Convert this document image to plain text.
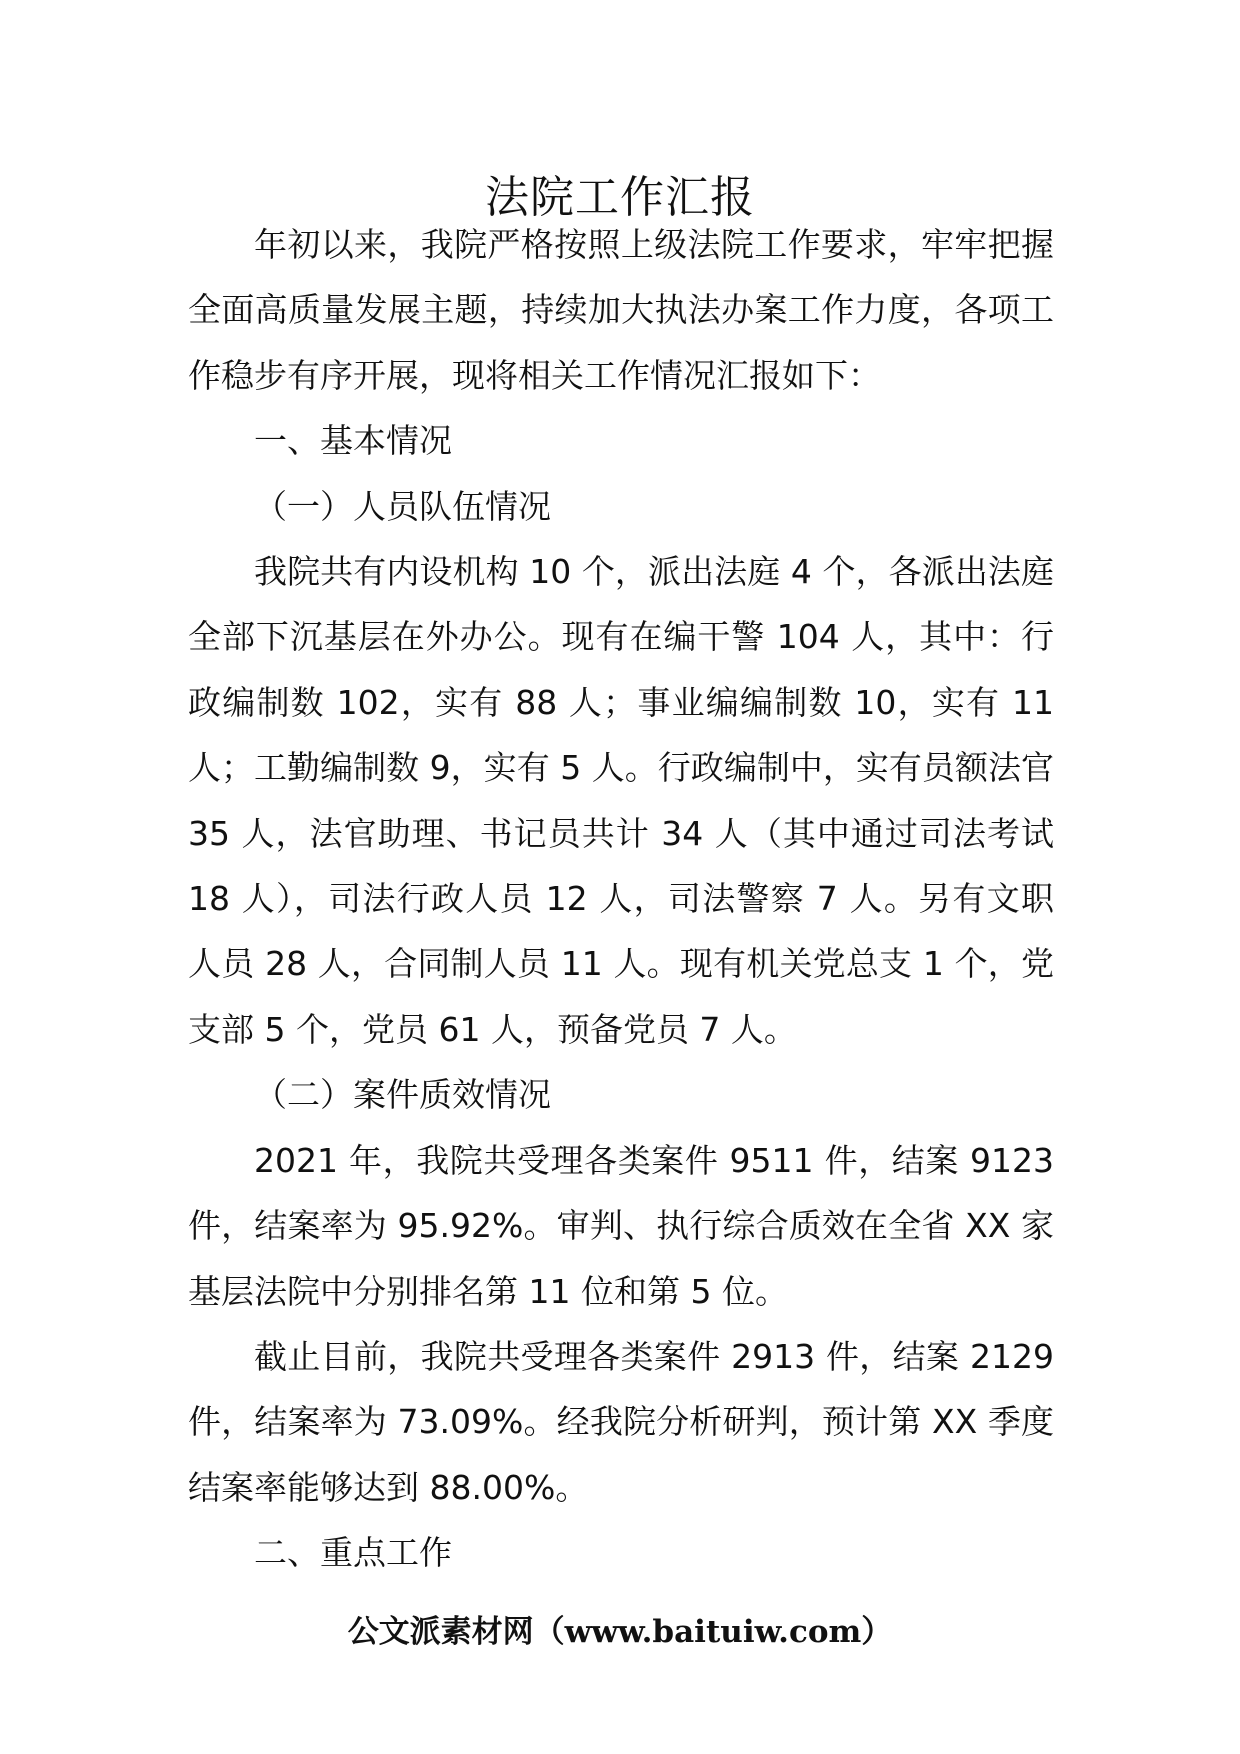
法院工作汇报

年初以来，我院严格按照上级法院工作要求，牢牢把握全面高质量发展主题，持续加大执法办案工作力度，各项工作稳步有序开展，现将相关工作情况汇报如下：

一、基本情况

（一）人员队伍情况

我院共有内设机构 10 个，派出法庭 4 个，各派出法庭全部下沉基层在外办公。现有在编干警 104 人，其中：行政编制数 102，实有 88 人；事业编编制数 10，实有 11 人；工勤编制数 9，实有 5 人。行政编制中，实有员额法官 35 人，法官助理、书记员共计 34 人（其中通过司法考试 18 人），司法行政人员 12 人，司法警察 7 人。另有文职人员 28 人，合同制人员 11 人。现有机关党总支 1 个，党支部 5 个，党员 61 人，预备党员 7 人。

（二）案件质效情况

2021 年，我院共受理各类案件 9511 件，结案 9123 件，结案率为 95.92%。审判、执行综合质效在全省 XX 家基层法院中分别排名第 11 位和第 5 位。

截止目前，我院共受理各类案件 2913 件，结案 2129 件，结案率为 73.09%。经我院分析研判，预计第 XX 季度结案率能够达到 88.00%。

二、重点工作

公文派素材网（www.baituiw.com）
